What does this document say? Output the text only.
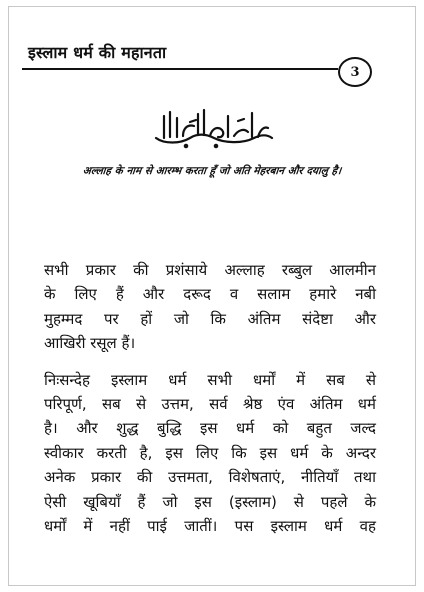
इस्लाम धर्म की महानता
3
अल्लाह के नाम से आरम्भ करता हूँ जो अति मेहरबान और दयालु है।

सभी प्रकार की प्रशंसाये अल्लाह रब्बुल आलमीन
के लिए हैं और दरूद व सलाम हमारे नबी
मुहम्मद पर हों जो कि अंतिम संदेष्टा और
आखिरी रसूल हैं।

निःसन्देह इस्लाम धर्म सभी धर्मों में सब से
परिपूर्ण, सब से उत्तम, सर्व श्रेष्ठ एंव अंतिम धर्म
है। और शुद्ध बुद्धि इस धर्म को बहुत जल्द
स्वीकार करती है, इस लिए कि इस धर्म के अन्दर
अनेक प्रकार की उत्तमता, विशेषताएं, नीतियाँ तथा
ऐसी खूबियाँ हैं जो इस (इस्लाम) से पहले के
धर्मों में नहीं पाई जातीं। पस इस्लाम धर्म वह
